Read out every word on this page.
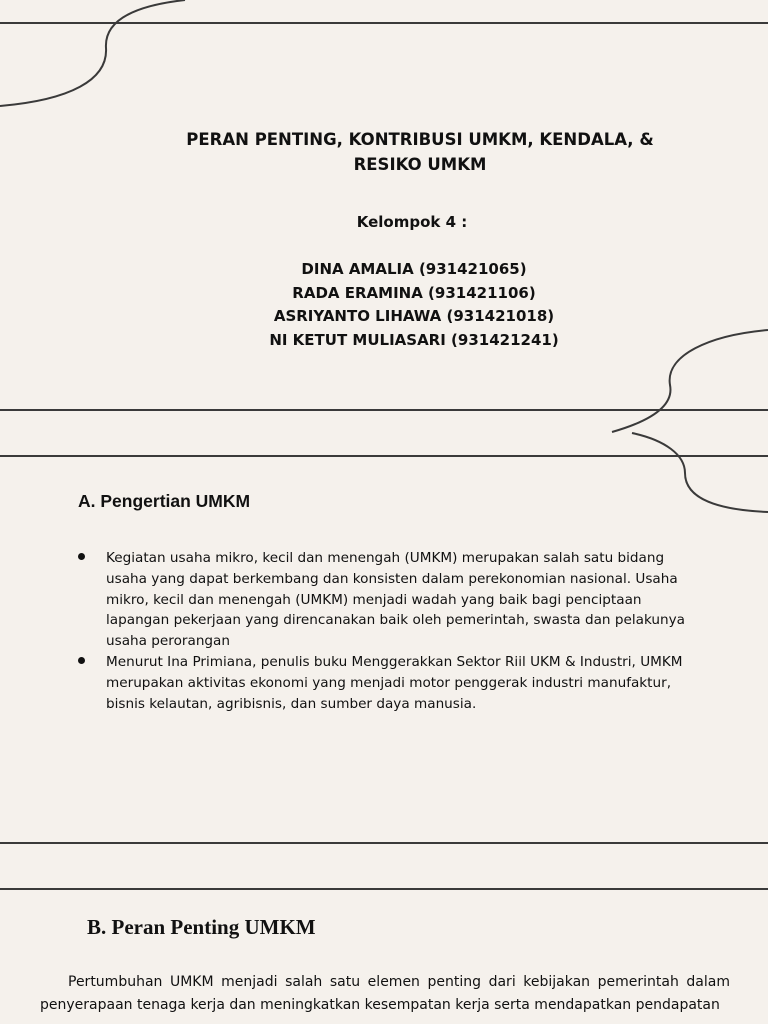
PERAN PENTING, KONTRIBUSI UMKM, KENDALA, & RESIKO UMKM
Kelompok 4 :
DINA AMALIA (931421065)
RADA ERAMINA (931421106)
ASRIYANTO LIHAWA (931421018)
NI KETUT MULIASARI (931421241)
A. Pengertian UMKM
Kegiatan usaha mikro, kecil dan menengah (UMKM) merupakan salah satu bidang usaha yang dapat berkembang dan konsisten dalam perekonomian nasional. Usaha mikro, kecil dan menengah (UMKM) menjadi wadah yang baik bagi penciptaan lapangan pekerjaan yang direncanakan baik oleh pemerintah, swasta dan pelakunya usaha perorangan
Menurut Ina Primiana, penulis buku Menggerakkan Sektor Riil UKM & Industri, UMKM merupakan aktivitas ekonomi yang menjadi motor penggerak industri manufaktur, bisnis kelautan, agribisnis, dan sumber daya manusia.
B. Peran Penting UMKM

Pertumbuhan UMKM menjadi salah satu elemen penting dari kebijakan pemerintah dalam penyerapaan tenaga kerja dan meningkatkan kesempatan kerja serta mendapatkan pendapatan
